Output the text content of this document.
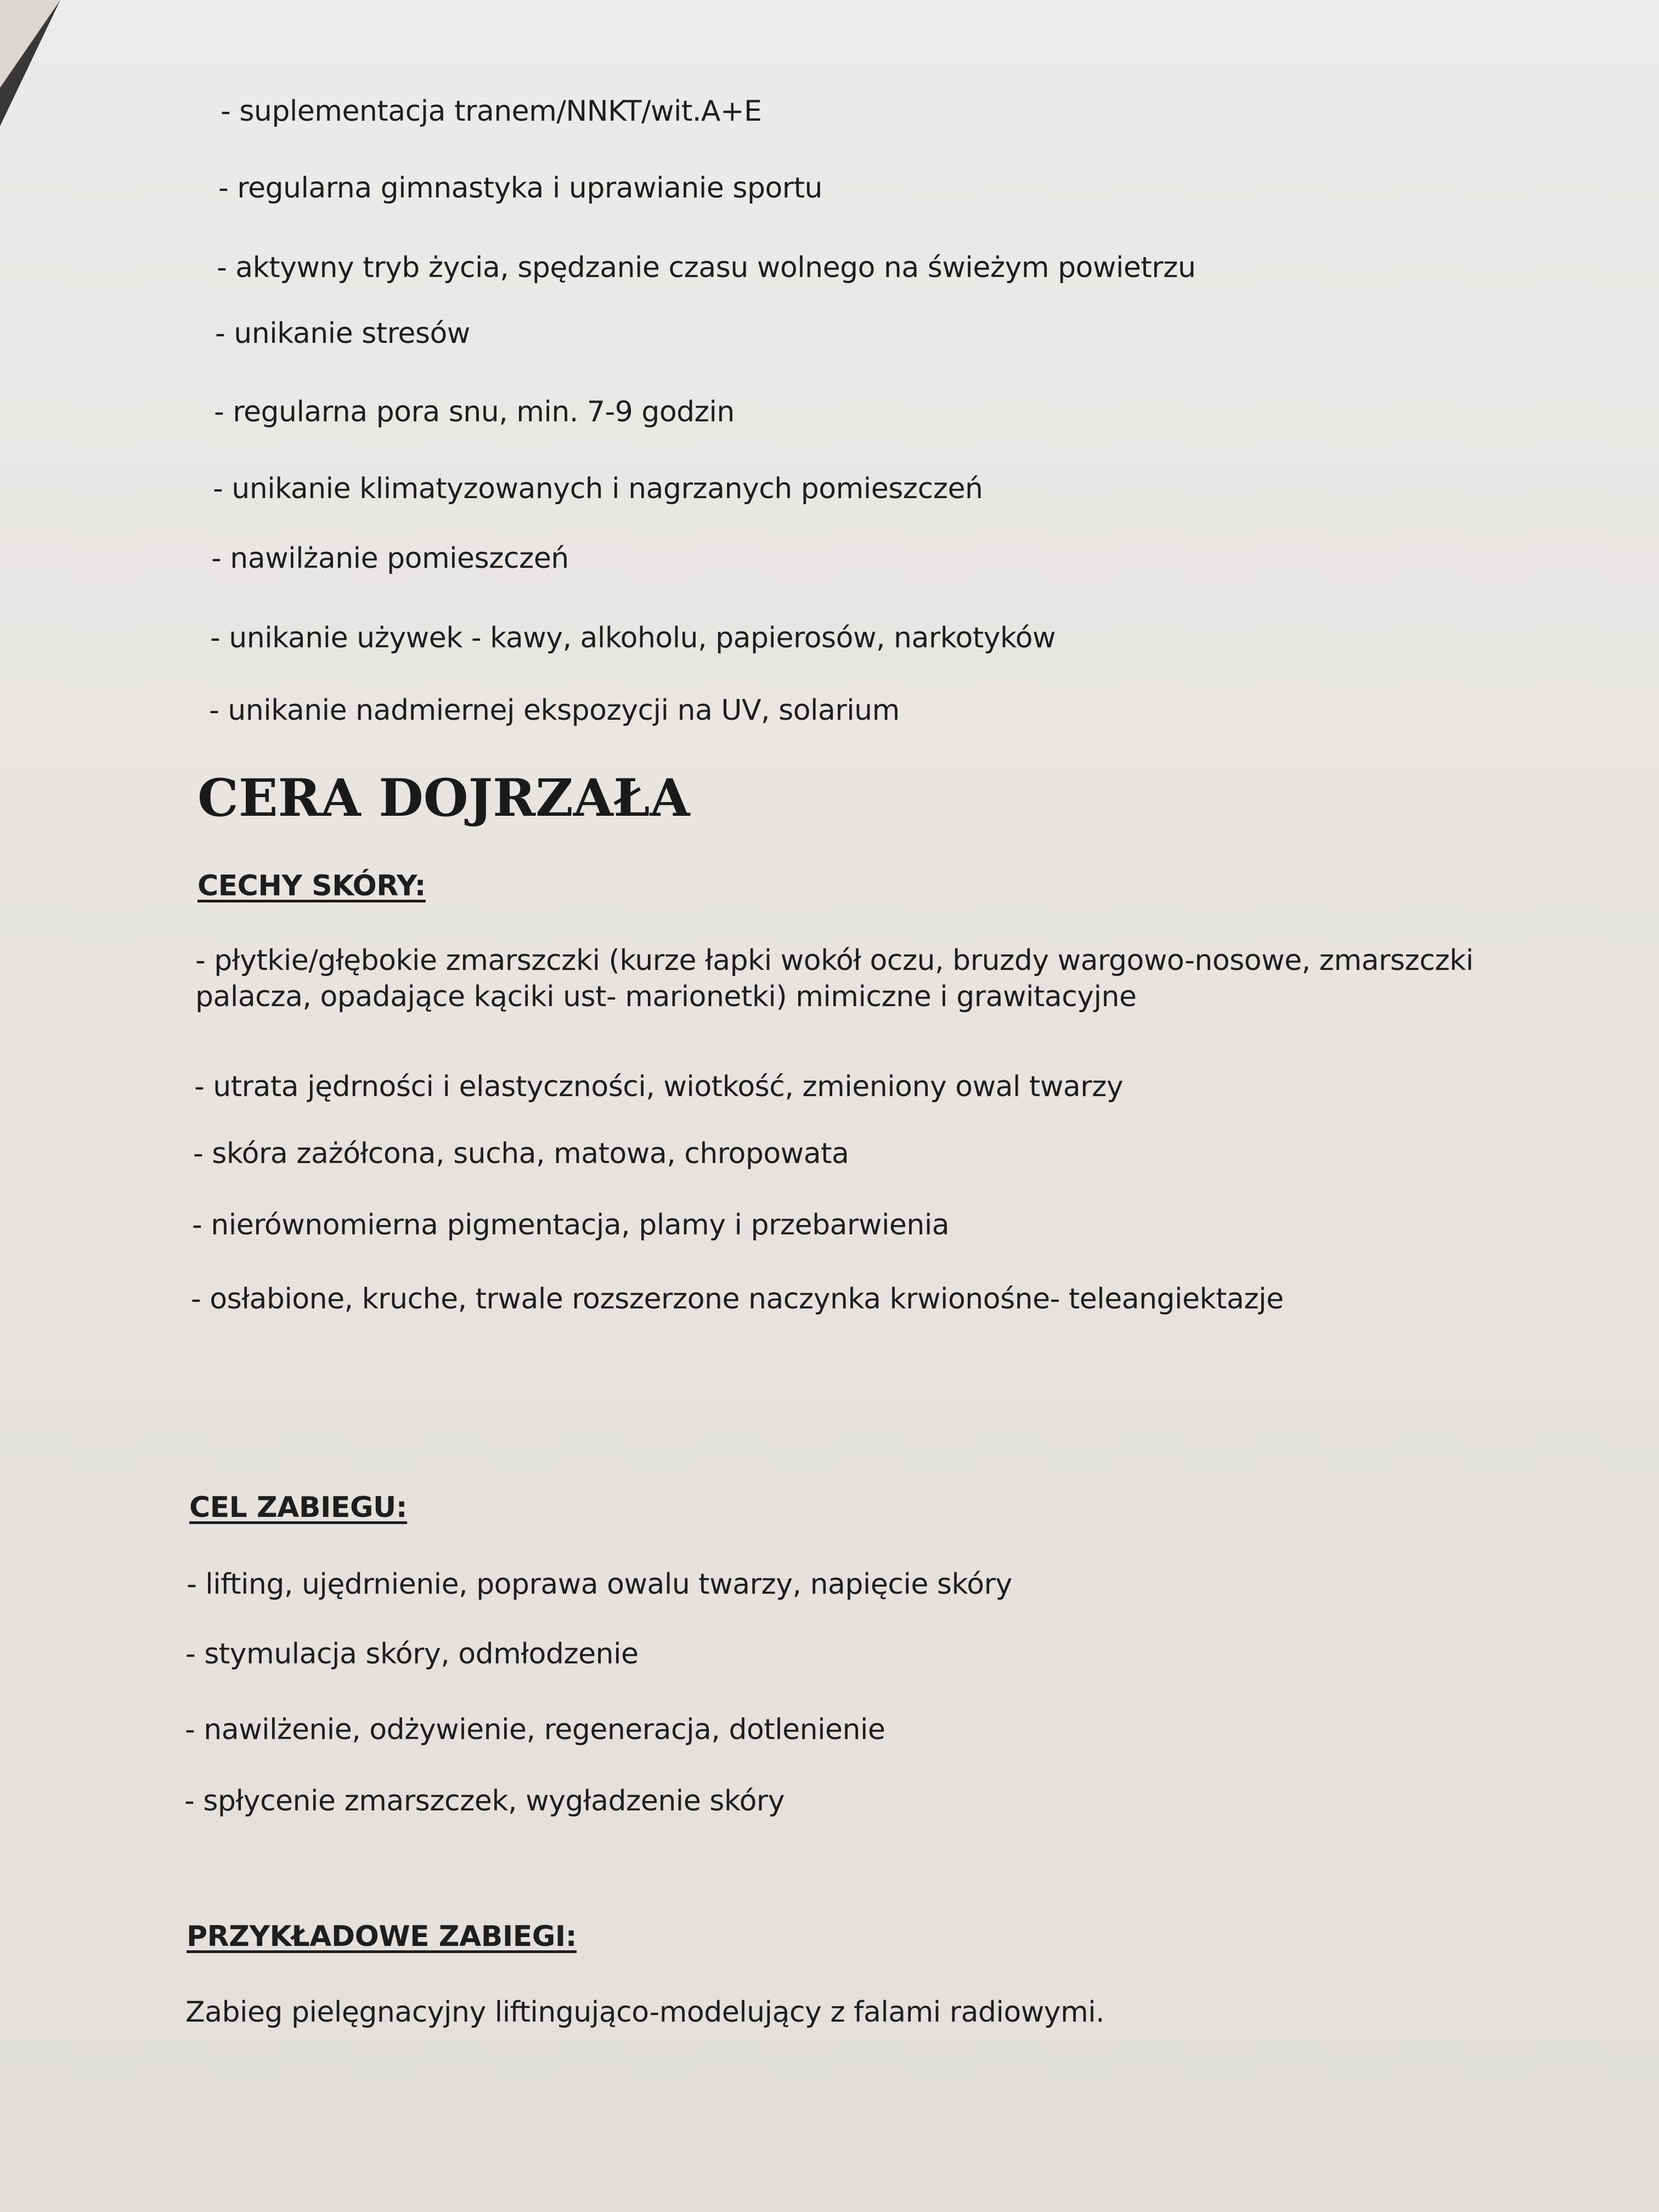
- suplementacja tranem/NNKT/wit.A+E
- regularna gimnastyka i uprawianie sportu
- aktywny tryb życia, spędzanie czasu wolnego na świeżym powietrzu
- unikanie stresów
- regularna pora snu, min. 7-9 godzin
- unikanie klimatyzowanych i nagrzanych pomieszczeń
- nawilżanie pomieszczeń
- unikanie używek - kawy, alkoholu, papierosów, narkotyków
- unikanie nadmiernej ekspozycji na UV, solarium
CERA DOJRZAŁA
CECHY SKÓRY:
- płytkie/głębokie zmarszczki (kurze łapki wokół oczu, bruzdy wargowo-nosowe, zmarszczki palacza, opadające kąciki ust- marionetki) mimiczne i grawitacyjne
- utrata jędrności i elastyczności, wiotkość, zmieniony owal twarzy
- skóra zażółcona, sucha, matowa, chropowata
- nierównomierna pigmentacja, plamy i przebarwienia
- osłabione, kruche, trwale rozszerzone naczynka krwionośne- teleangiektazje
CEL ZABIEGU:
- lifting, ujędrnienie, poprawa owalu twarzy, napięcie skóry
- stymulacja skóry, odmłodzenie
- nawilżenie, odżywienie, regeneracja, dotlenienie
- spłycenie zmarszczek, wygładzenie skóry
PRZYKŁADOWE ZABIEGI:

Zabieg pielęgnacyjny liftingująco-modelujący z falami radiowymi.
